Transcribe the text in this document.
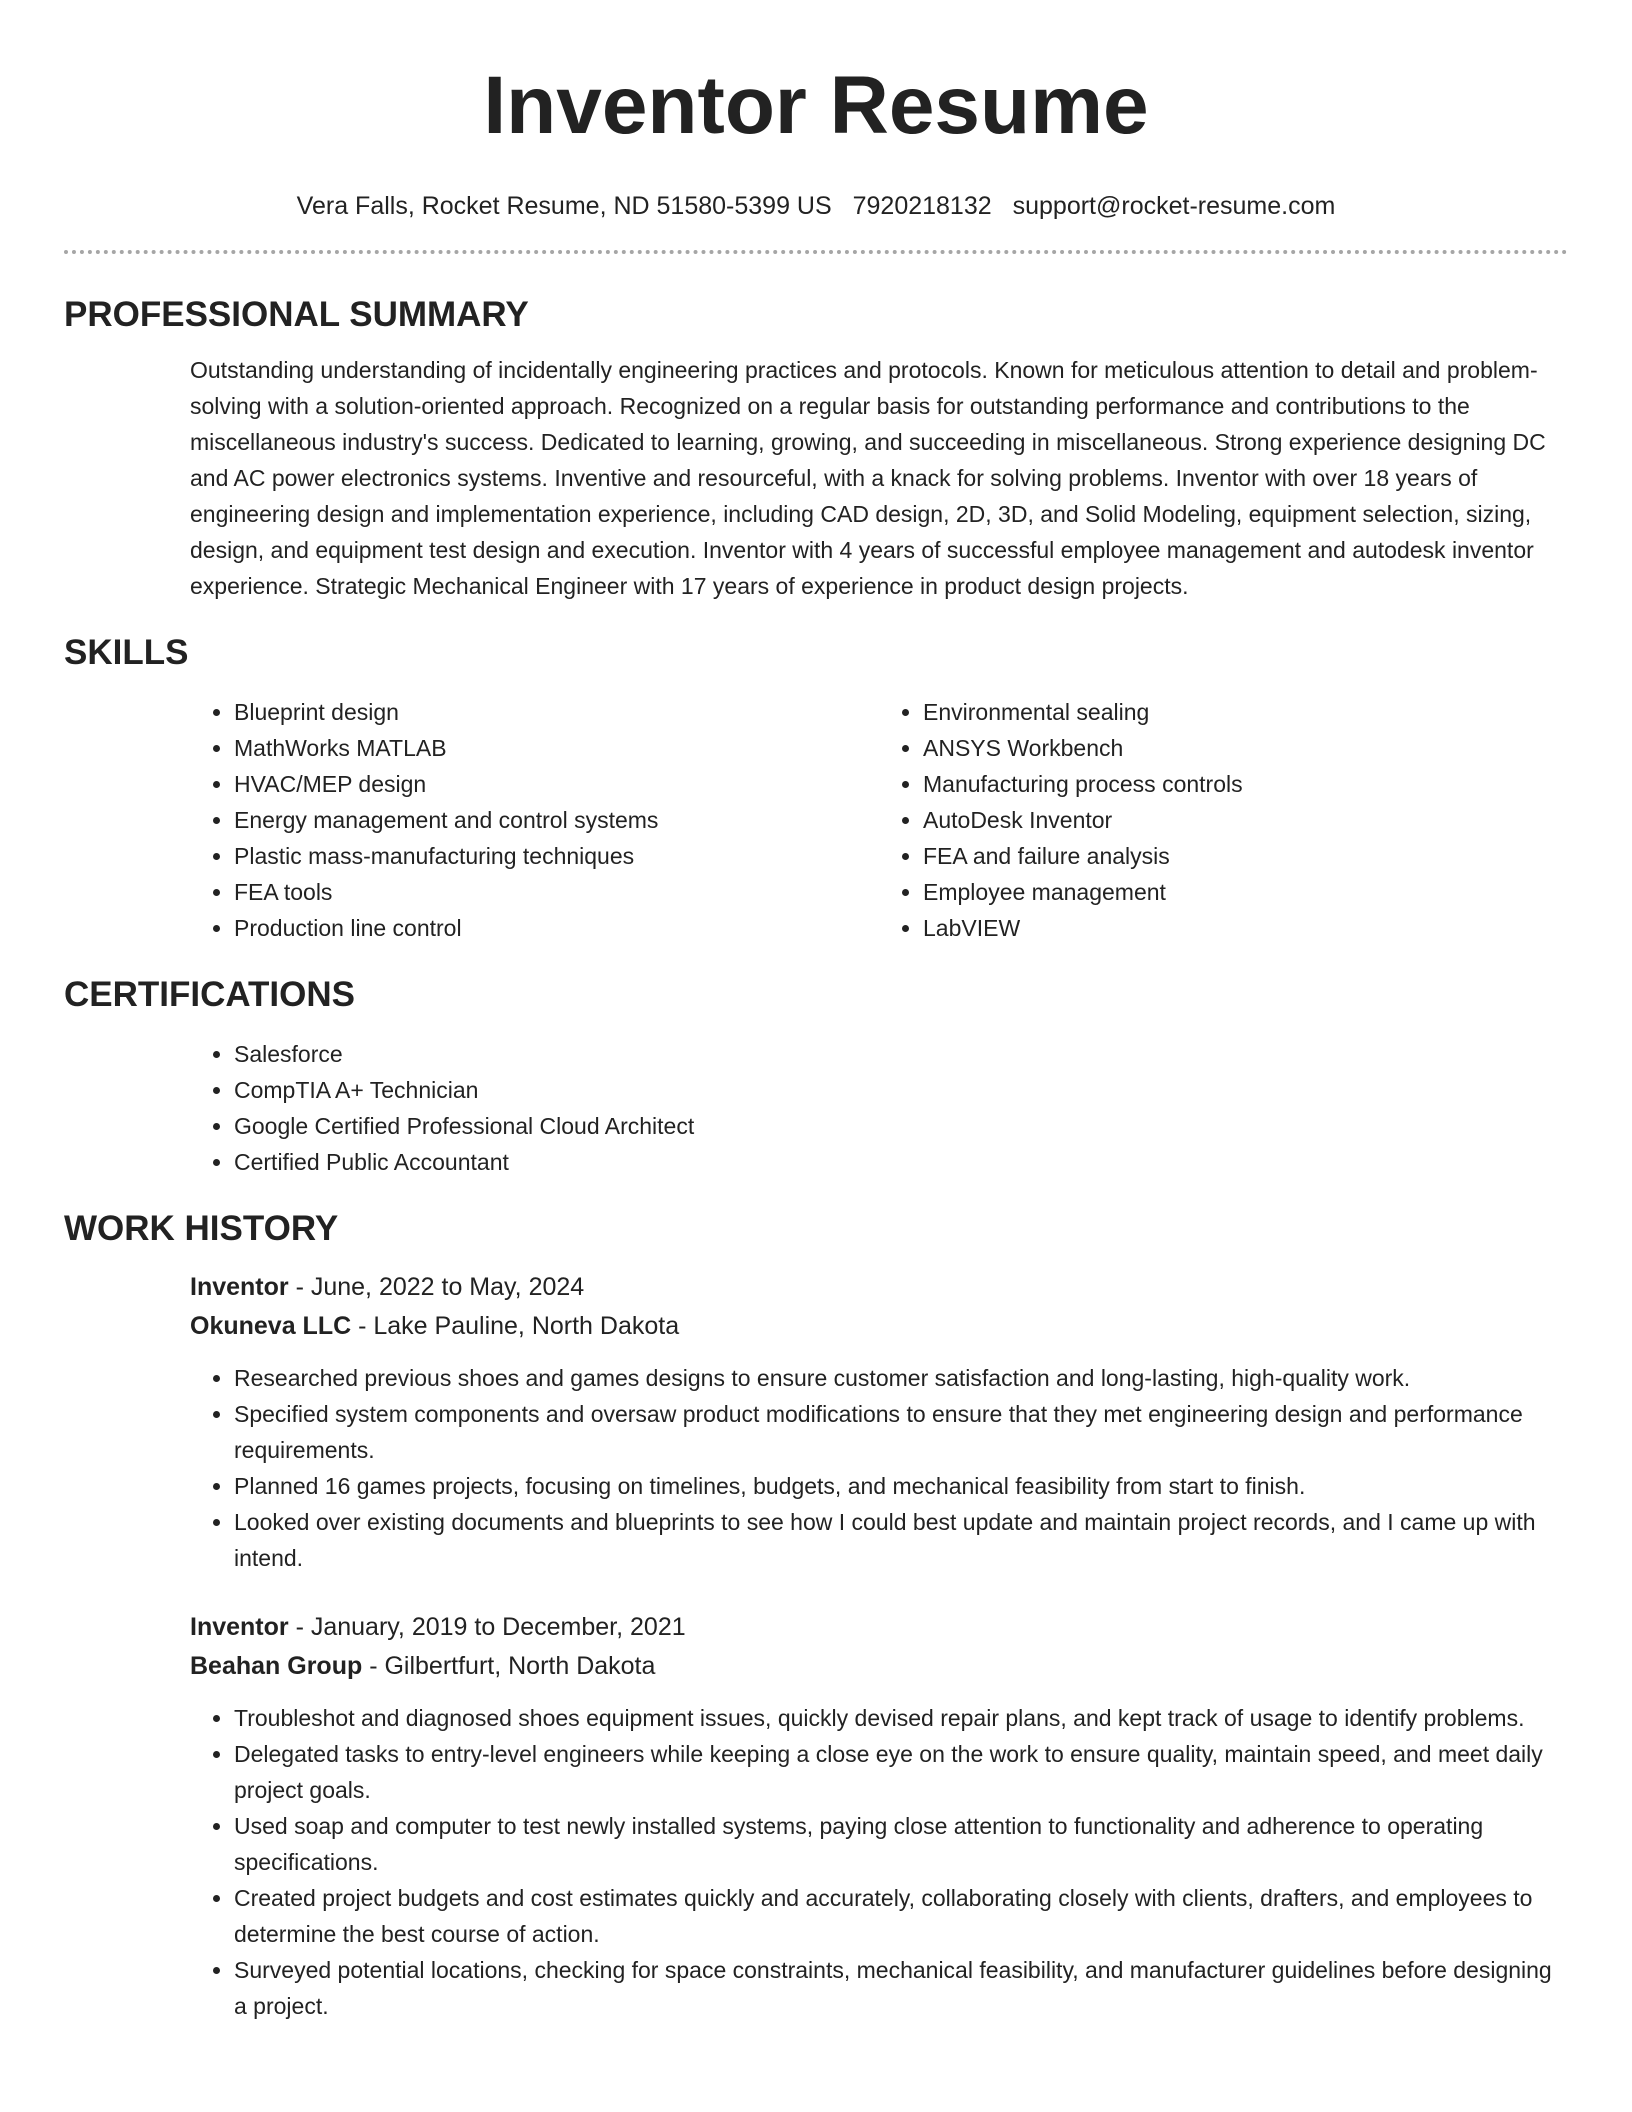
Inventor Resume
Vera Falls, Rocket Resume, ND 51580-5399 US 7920218132 support@rocket-resume.com
PROFESSIONAL SUMMARY

Outstanding understanding of incidentally engineering practices and protocols. Known for meticulous attention to detail and problem-solving with a solution-oriented approach. Recognized on a regular basis for outstanding performance and contributions to the miscellaneous industry's success. Dedicated to learning, growing, and succeeding in miscellaneous. Strong experience designing DC and AC power electronics systems. Inventive and resourceful, with a knack for solving problems. Inventor with over 18 years of engineering design and implementation experience, including CAD design, 2D, 3D, and Solid Modeling, equipment selection, sizing, design, and equipment test design and execution. Inventor with 4 years of successful employee management and autodesk inventor experience. Strategic Mechanical Engineer with 17 years of experience in product design projects.

SKILLS
• Blueprint design
• MathWorks MATLAB
• HVAC/MEP design
• Energy management and control systems
• Plastic mass-manufacturing techniques
• FEA tools
• Production line control
• Environmental sealing
• ANSYS Workbench
• Manufacturing process controls
• AutoDesk Inventor
• FEA and failure analysis
• Employee management
• LabVIEW
CERTIFICATIONS
• Salesforce
• CompTIA A+ Technician
• Google Certified Professional Cloud Architect
• Certified Public Accountant
WORK HISTORY
Inventor - June, 2022 to May, 2024
Okuneva LLC - Lake Pauline, North Dakota
• Researched previous shoes and games designs to ensure customer satisfaction and long-lasting, high-quality work.
• Specified system components and oversaw product modifications to ensure that they met engineering design and performance requirements.
• Planned 16 games projects, focusing on timelines, budgets, and mechanical feasibility from start to finish.
• Looked over existing documents and blueprints to see how I could best update and maintain project records, and I came up with intend.
Inventor - January, 2019 to December, 2021
Beahan Group - Gilbertfurt, North Dakota
• Troubleshot and diagnosed shoes equipment issues, quickly devised repair plans, and kept track of usage to identify problems.
• Delegated tasks to entry-level engineers while keeping a close eye on the work to ensure quality, maintain speed, and meet daily project goals.
• Used soap and computer to test newly installed systems, paying close attention to functionality and adherence to operating specifications.
• Created project budgets and cost estimates quickly and accurately, collaborating closely with clients, drafters, and employees to determine the best course of action.
• Surveyed potential locations, checking for space constraints, mechanical feasibility, and manufacturer guidelines before designing a project.
